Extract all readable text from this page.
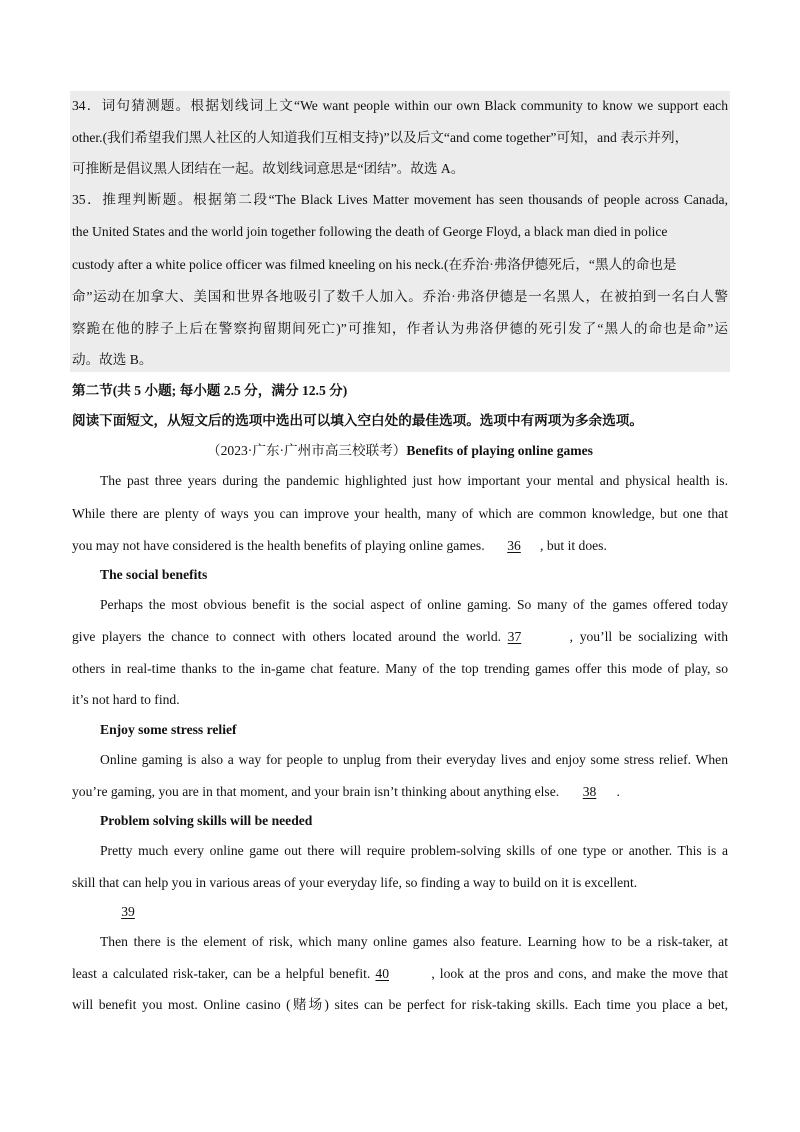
34．词句猜测题。根据划线词上文“We want people within our own Black community to know we support each
other.(我们希望我们黑人社区的人知道我们互相支持)”以及后文“and come together”可知，and 表示并列，
可推断是倡议黑人团结在一起。故划线词意思是“团结”。故选 A。
35．推理判断题。根据第二段“The Black Lives Matter movement has seen thousands of people across Canada,
the United States and the world join together following the death of George Floyd, a black man died in police
custody after a white police officer was filmed kneeling on his neck.(在乔治·弗洛伊德死后，“黑人的命也是
命”运动在加拿大、美国和世界各地吸引了数千人加入。乔治·弗洛伊德是一名黑人，在被拍到一名白人警
察跪在他的脖子上后在警察拘留期间死亡)”可推知，作者认为弗洛伊德的死引发了“黑人的命也是命”运
动。故选 B。
第二节(共 5 小题; 每小题 2.5 分，满分 12.5 分)
阅读下面短文，从短文后的选项中选出可以填入空白处的最佳选项。选项中有两项为多余选项。
（2023·广东·广州市高三校联考）Benefits of playing online games
The past three years during the pandemic highlighted just how important your mental and physical health is.
While there are plenty of ways you can improve your health, many of which are common knowledge, but one that
you may not have considered is the health benefits of playing online games. 36 , but it does.
The social benefits
Perhaps the most obvious benefit is the social aspect of online gaming. So many of the games offered today
give players the chance to connect with others located around the world. 37	, you’ll be socializing with
others in real-time thanks to the in-game chat feature. Many of the top trending games offer this mode of play, so
it’s not hard to find.
Enjoy some stress relief
Online gaming is also a way for people to unplug from their everyday lives and enjoy some stress relief. When
you’re gaming, you are in that moment, and your brain isn’t thinking about anything else. 38 .
Problem solving skills will be needed
Pretty much every online game out there will require problem-solving skills of one type or another. This is a
skill that can help you in various areas of your everyday life, so finding a way to build on it is excellent.
39
Then there is the element of risk, which many online games also feature. Learning how to be a risk-taker, at
least a calculated risk-taker, can be a helpful benefit. 40	, look at the pros and cons, and make the move that
will benefit you most. Online casino (赌场) sites can be perfect for risk-taking skills. Each time you place a bet,
